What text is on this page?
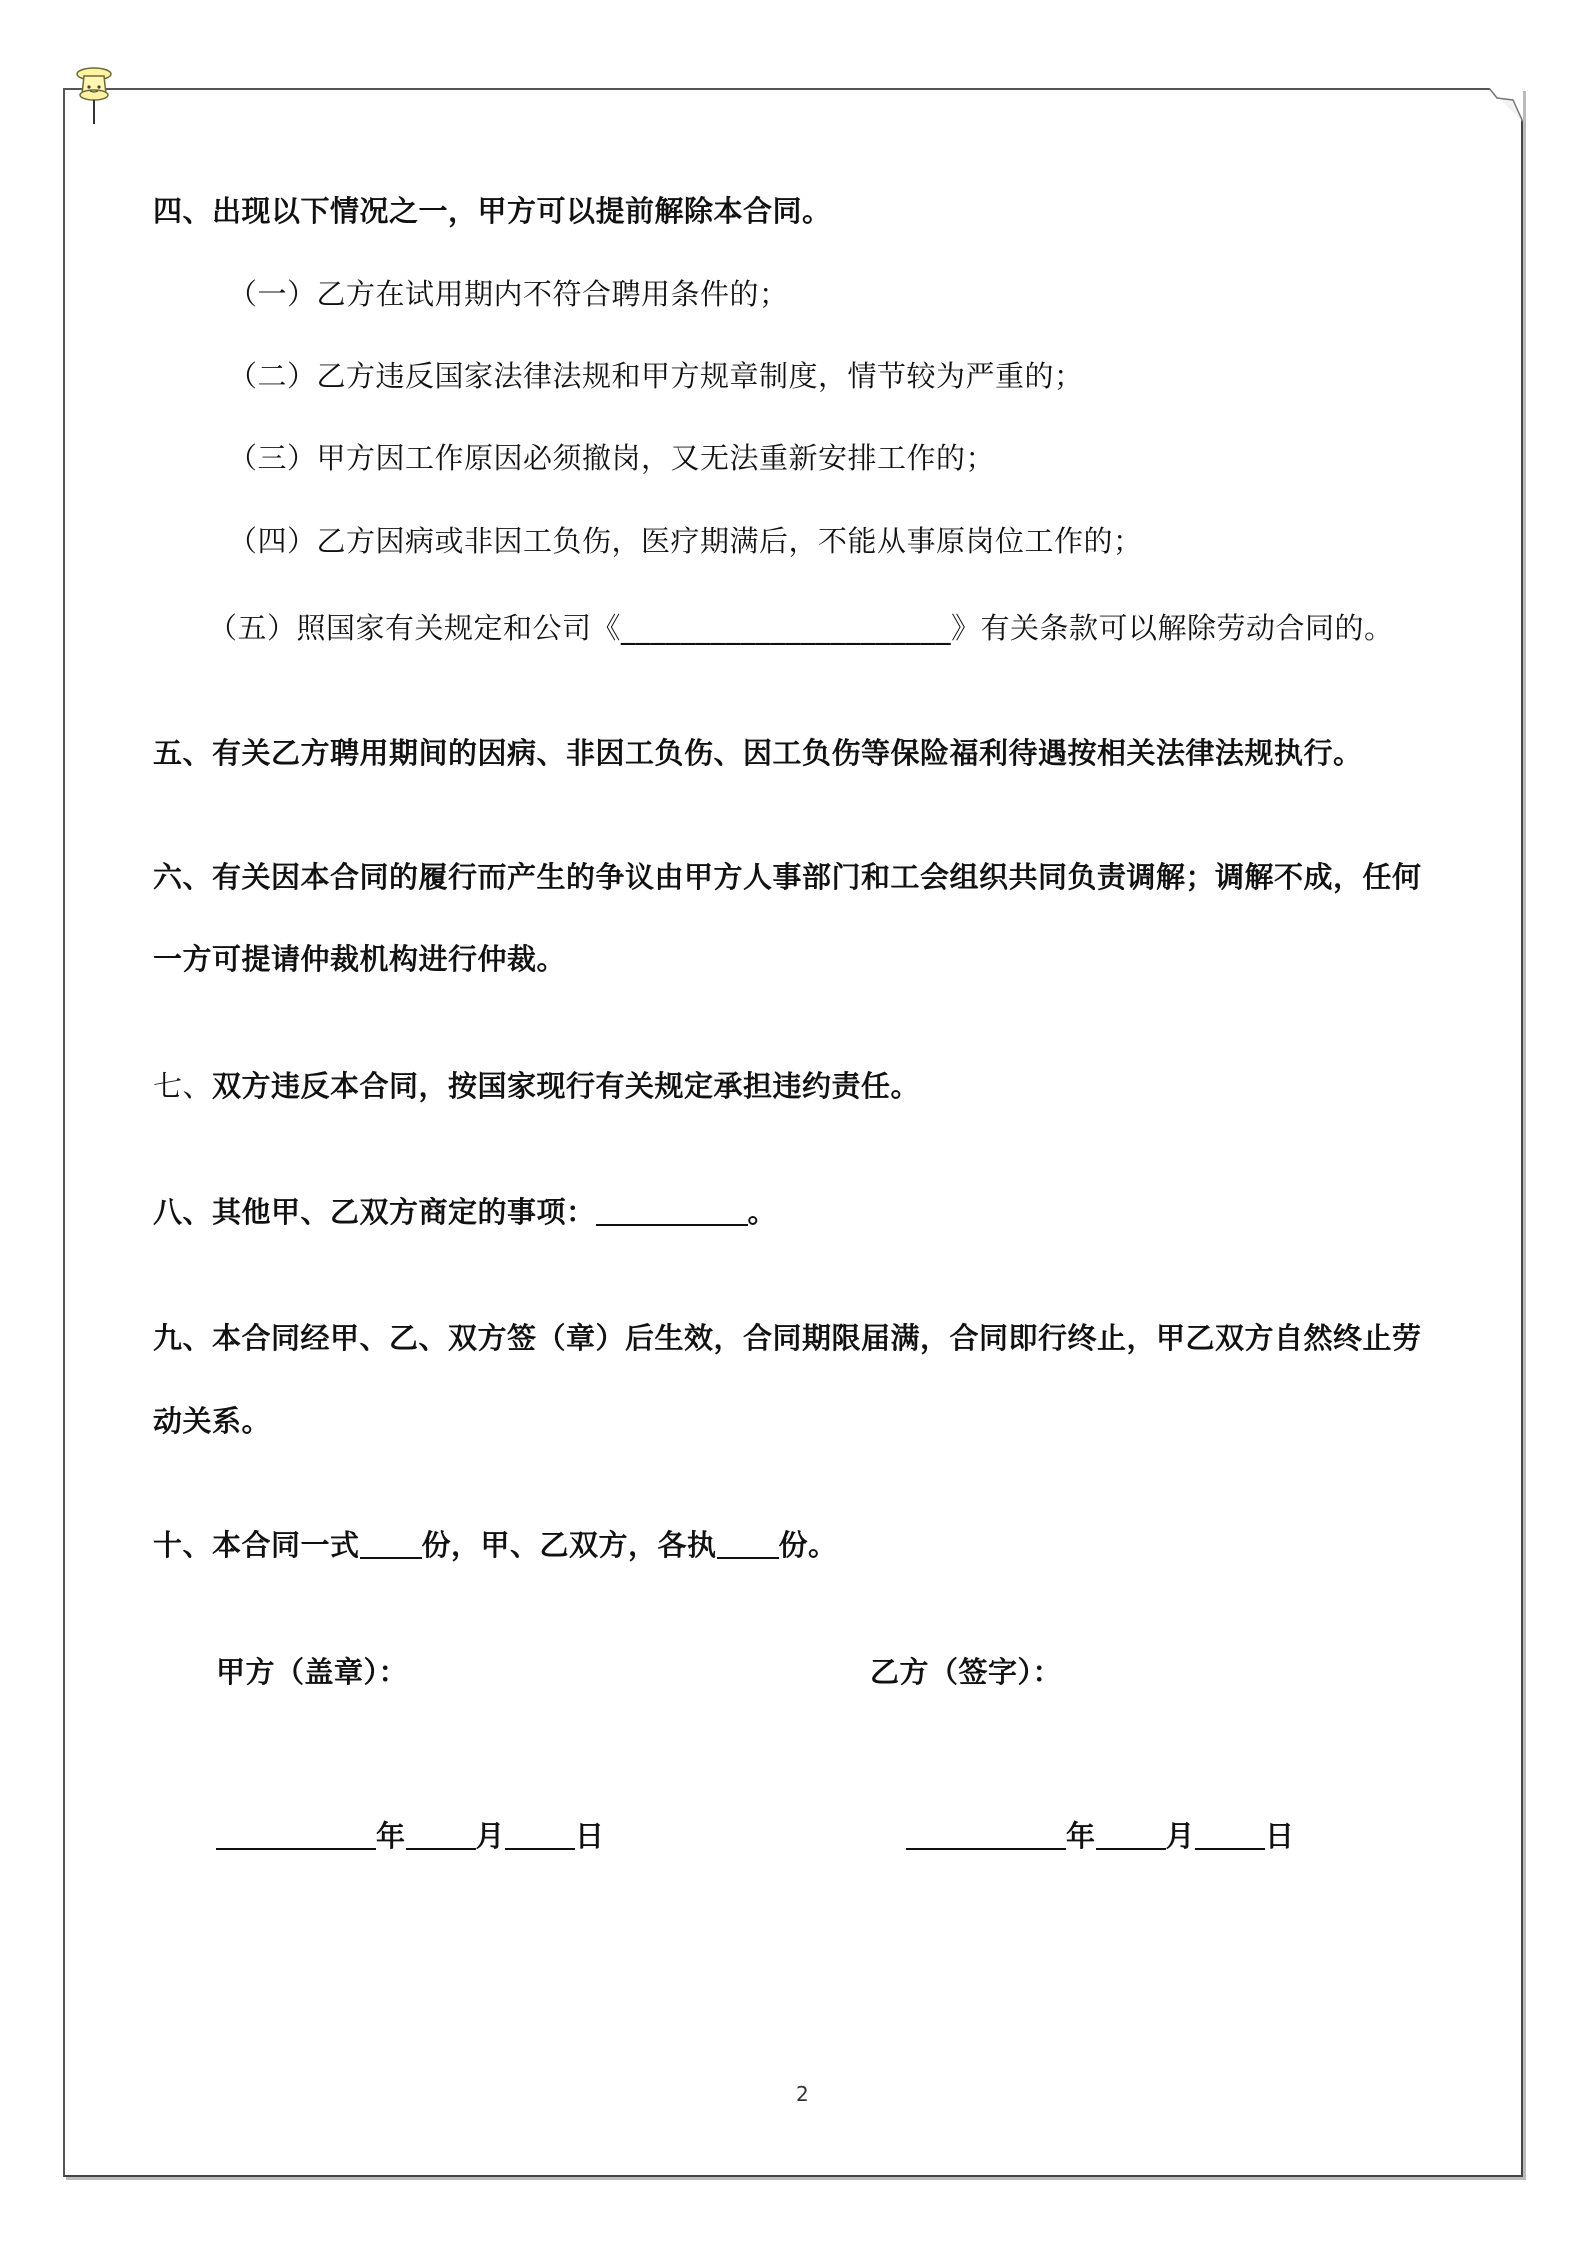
四、出现以下情况之一，甲方可以提前解除本合同。
（一）乙方在试用期内不符合聘用条件的；
（二）乙方违反国家法律法规和甲方规章制度，情节较为严重的；
（三）甲方因工作原因必须撤岗，又无法重新安排工作的；
（四）乙方因病或非因工负伤，医疗期满后，不能从事原岗位工作的；
（五）照国家有关规定和公司《______________________》有关条款可以解除劳动合同的。
五、有关乙方聘用期间的因病、非因工负伤、因工负伤等保险福利待遇按相关法律法规执行。
六、有关因本合同的履行而产生的争议由甲方人事部门和工会组织共同负责调解；调解不成，任何
一方可提请仲裁机构进行仲裁。
七、双方违反本合同，按国家现行有关规定承担违约责任。
八、其他甲、乙双方商定的事项：	。
九、本合同经甲、乙、双方签（章）后生效，合同期限届满，合同即行终止，甲乙双方自然终止劳
动关系。
十、本合同一式 份，甲、乙双方，各执 份。
甲方（盖章）：	乙方（签字）：
年 月 日	年 月 日
2
